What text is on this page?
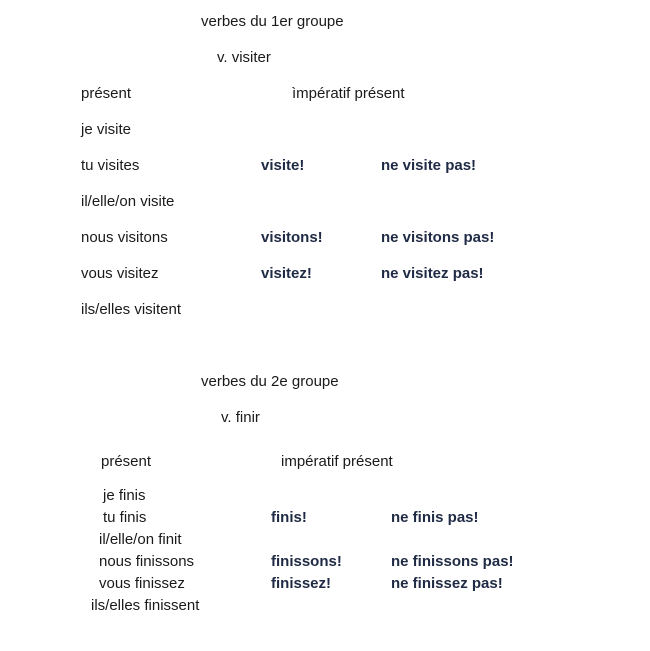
verbes du 1er groupe
v. visiter
présent	ìmpératif présent
je visite
tu visites
il/elle/on visite
nous visitons
vous visitez
ils/elles visitent
visite!
visitons!
visitez!
ne visite pas!
ne visitons pas!
ne visitez pas!
verbes du 2e groupe
v. finir
présent	impératif présent
je finis
tu finis
il/elle/on finit
nous finissons
vous finissez
ils/elles finissent
finis!
finissons!
finissez!
ne finis pas!
ne finissons pas!
ne finissez pas!
